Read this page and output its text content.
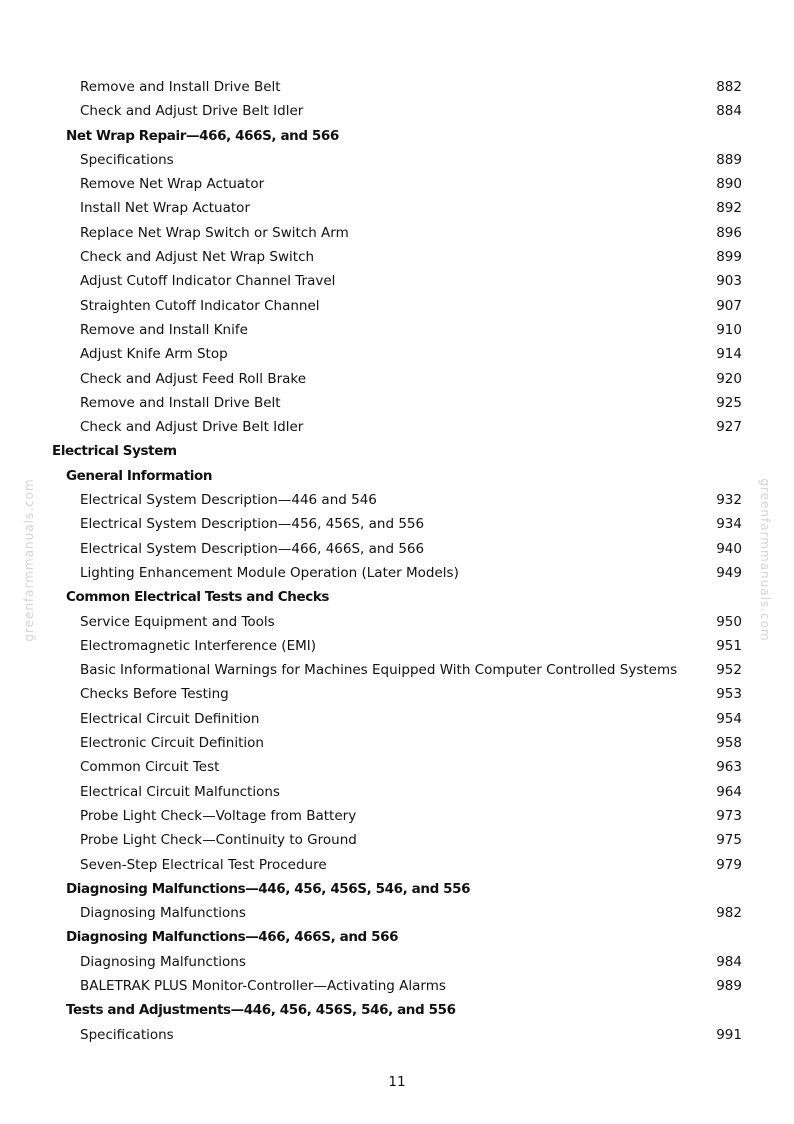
Remove and Install Drive Belt	882
Check and Adjust Drive Belt Idler	884
Net Wrap Repair—466, 466S, and 566
Specifications	889
Remove Net Wrap Actuator	890
Install Net Wrap Actuator	892
Replace Net Wrap Switch or Switch Arm	896
Check and Adjust Net Wrap Switch	899
Adjust Cutoff Indicator Channel Travel	903
Straighten Cutoff Indicator Channel	907
Remove and Install Knife	910
Adjust Knife Arm Stop	914
Check and Adjust Feed Roll Brake	920
Remove and Install Drive Belt	925
Check and Adjust Drive Belt Idler	927
Electrical System
General Information
Electrical System Description—446 and 546	932
Electrical System Description—456, 456S, and 556	934
Electrical System Description—466, 466S, and 566	940
Lighting Enhancement Module Operation (Later Models)	949
Common Electrical Tests and Checks
Service Equipment and Tools	950
Electromagnetic Interference (EMI)	951
Basic Informational Warnings for Machines Equipped With Computer Controlled Systems	952
Checks Before Testing	953
Electrical Circuit Definition	954
Electronic Circuit Definition	958
Common Circuit Test	963
Electrical Circuit Malfunctions	964
Probe Light Check—Voltage from Battery	973
Probe Light Check—Continuity to Ground	975
Seven-Step Electrical Test Procedure	979
Diagnosing Malfunctions—446, 456, 456S, 546, and 556
Diagnosing Malfunctions	982
Diagnosing Malfunctions—466, 466S, and 566
Diagnosing Malfunctions	984
BALETRAK PLUS Monitor-Controller—Activating Alarms	989
Tests and Adjustments—446, 456, 456S, 546, and 556
Specifications	991
greenfarmmanuals.com	greenfarmmanuals.com
11
